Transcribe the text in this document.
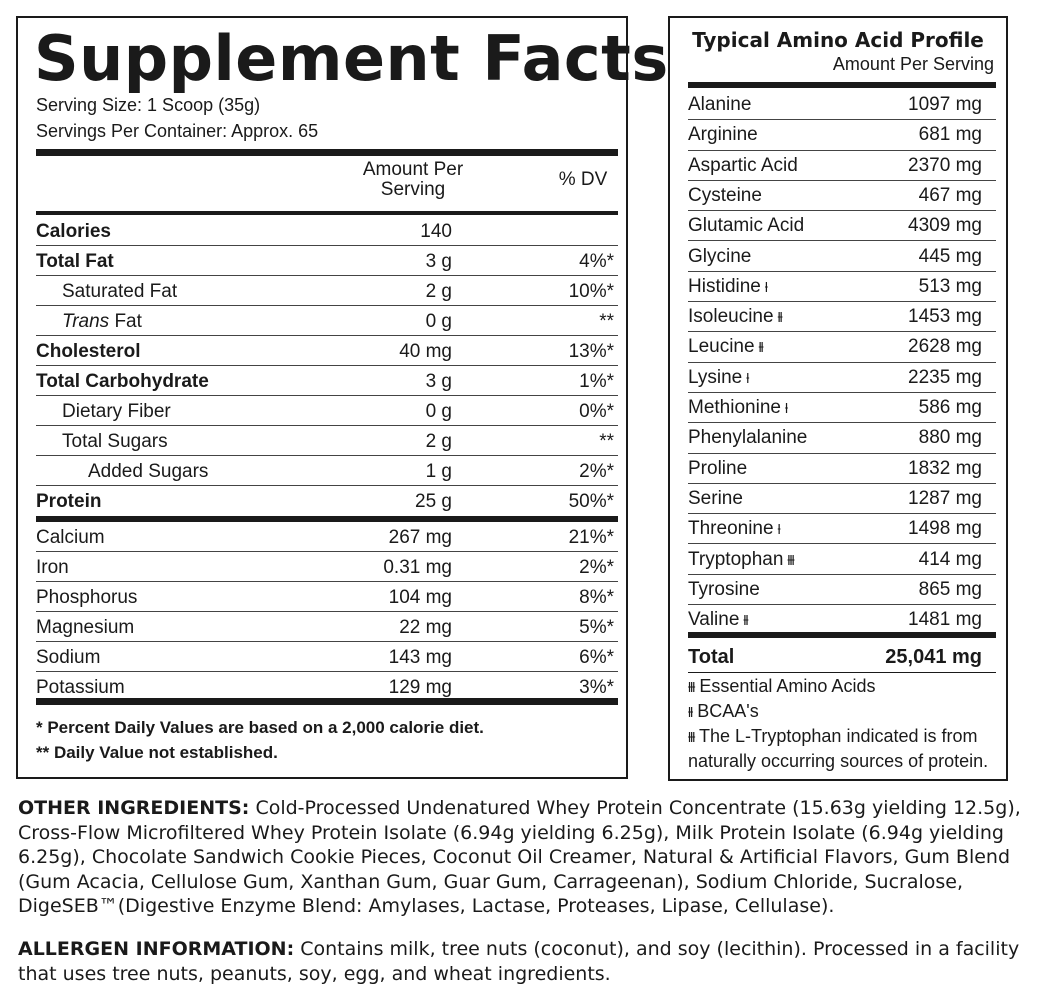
Supplement Facts
Serving Size: 1 Scoop (35g)
Servings Per Container: Approx. 65
Amount Per Serving	% DV
Calories	140
Total Fat	3 g	4%*
Saturated Fat	2 g	10%*
Trans Fat	0 g	**
Cholesterol	40 mg	13%*
Total Carbohydrate	3 g	1%*
Dietary Fiber	0 g	0%*
Total Sugars	2 g	**
Added Sugars	1 g	2%*
Protein	25 g	50%*
Calcium	267 mg	21%*
Iron	0.31 mg	2%*
Phosphorus	104 mg	8%*
Magnesium	22 mg	5%*
Sodium	143 mg	6%*
Potassium	129 mg	3%*
* Percent Daily Values are based on a 2,000 calorie diet.
** Daily Value not established.
Typical Amino Acid Profile
Amount Per Serving
Alanine	1097 mg
Arginine	681 mg
Aspartic Acid	2370 mg
Cysteine	467 mg
Glutamic Acid	4309 mg
Glycine	445 mg
Histidine ƚ	513 mg
Isoleucine ƚƚ	1453 mg
Leucine ƚƚ	2628 mg
Lysine ƚ	2235 mg
Methionine ƚ	586 mg
Phenylalanine	880 mg
Proline	1832 mg
Serine	1287 mg
Threonine ƚ	1498 mg
Tryptophan ƚƚƚ	414 mg
Tyrosine	865 mg
Valine ƚƚ	1481 mg
Total	25,041 mg
ƚƚƚ Essential Amino Acids
ƚƚ BCAA's
ƚƚƚ The L-Tryptophan indicated is from
naturally occurring sources of protein.
OTHER INGREDIENTS: Cold-Processed Undenatured Whey Protein Concentrate (15.63g yielding 12.5g), Cross-Flow Microfiltered Whey Protein Isolate (6.94g yielding 6.25g), Milk Protein Isolate (6.94g yielding 6.25g), Chocolate Sandwich Cookie Pieces, Coconut Oil Creamer, Natural & Artificial Flavors, Gum Blend (Gum Acacia, Cellulose Gum, Xanthan Gum, Guar Gum, Carrageenan), Sodium Chloride, Sucralose, DigeSEB™(Digestive Enzyme Blend: Amylases, Lactase, Proteases, Lipase, Cellulase).
ALLERGEN INFORMATION: Contains milk, tree nuts (coconut), and soy (lecithin). Processed in a facility that uses tree nuts, peanuts, soy, egg, and wheat ingredients.
